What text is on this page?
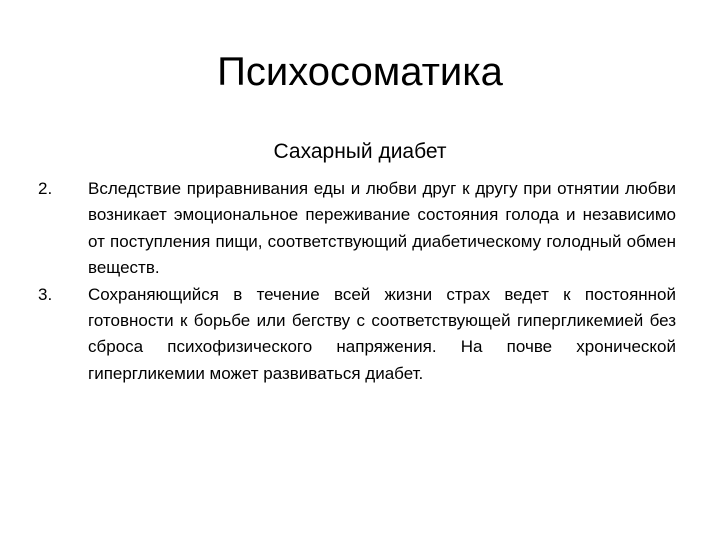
Психосоматика
Сахарный диабет
2. Вследствие приравнивания еды и любви друг к другу при отнятии любви возникает эмоциональное переживание состояния голода и независимо от поступления пищи, соответствующий диабетическому голодный обмен веществ.
3. Сохраняющийся в течение всей жизни страх ведет к постоянной готовности к борьбе или бегству с соответствующей гипергликемией без сброса психофизического напряжения. На почве хронической гипергликемии может развиваться диабет.
